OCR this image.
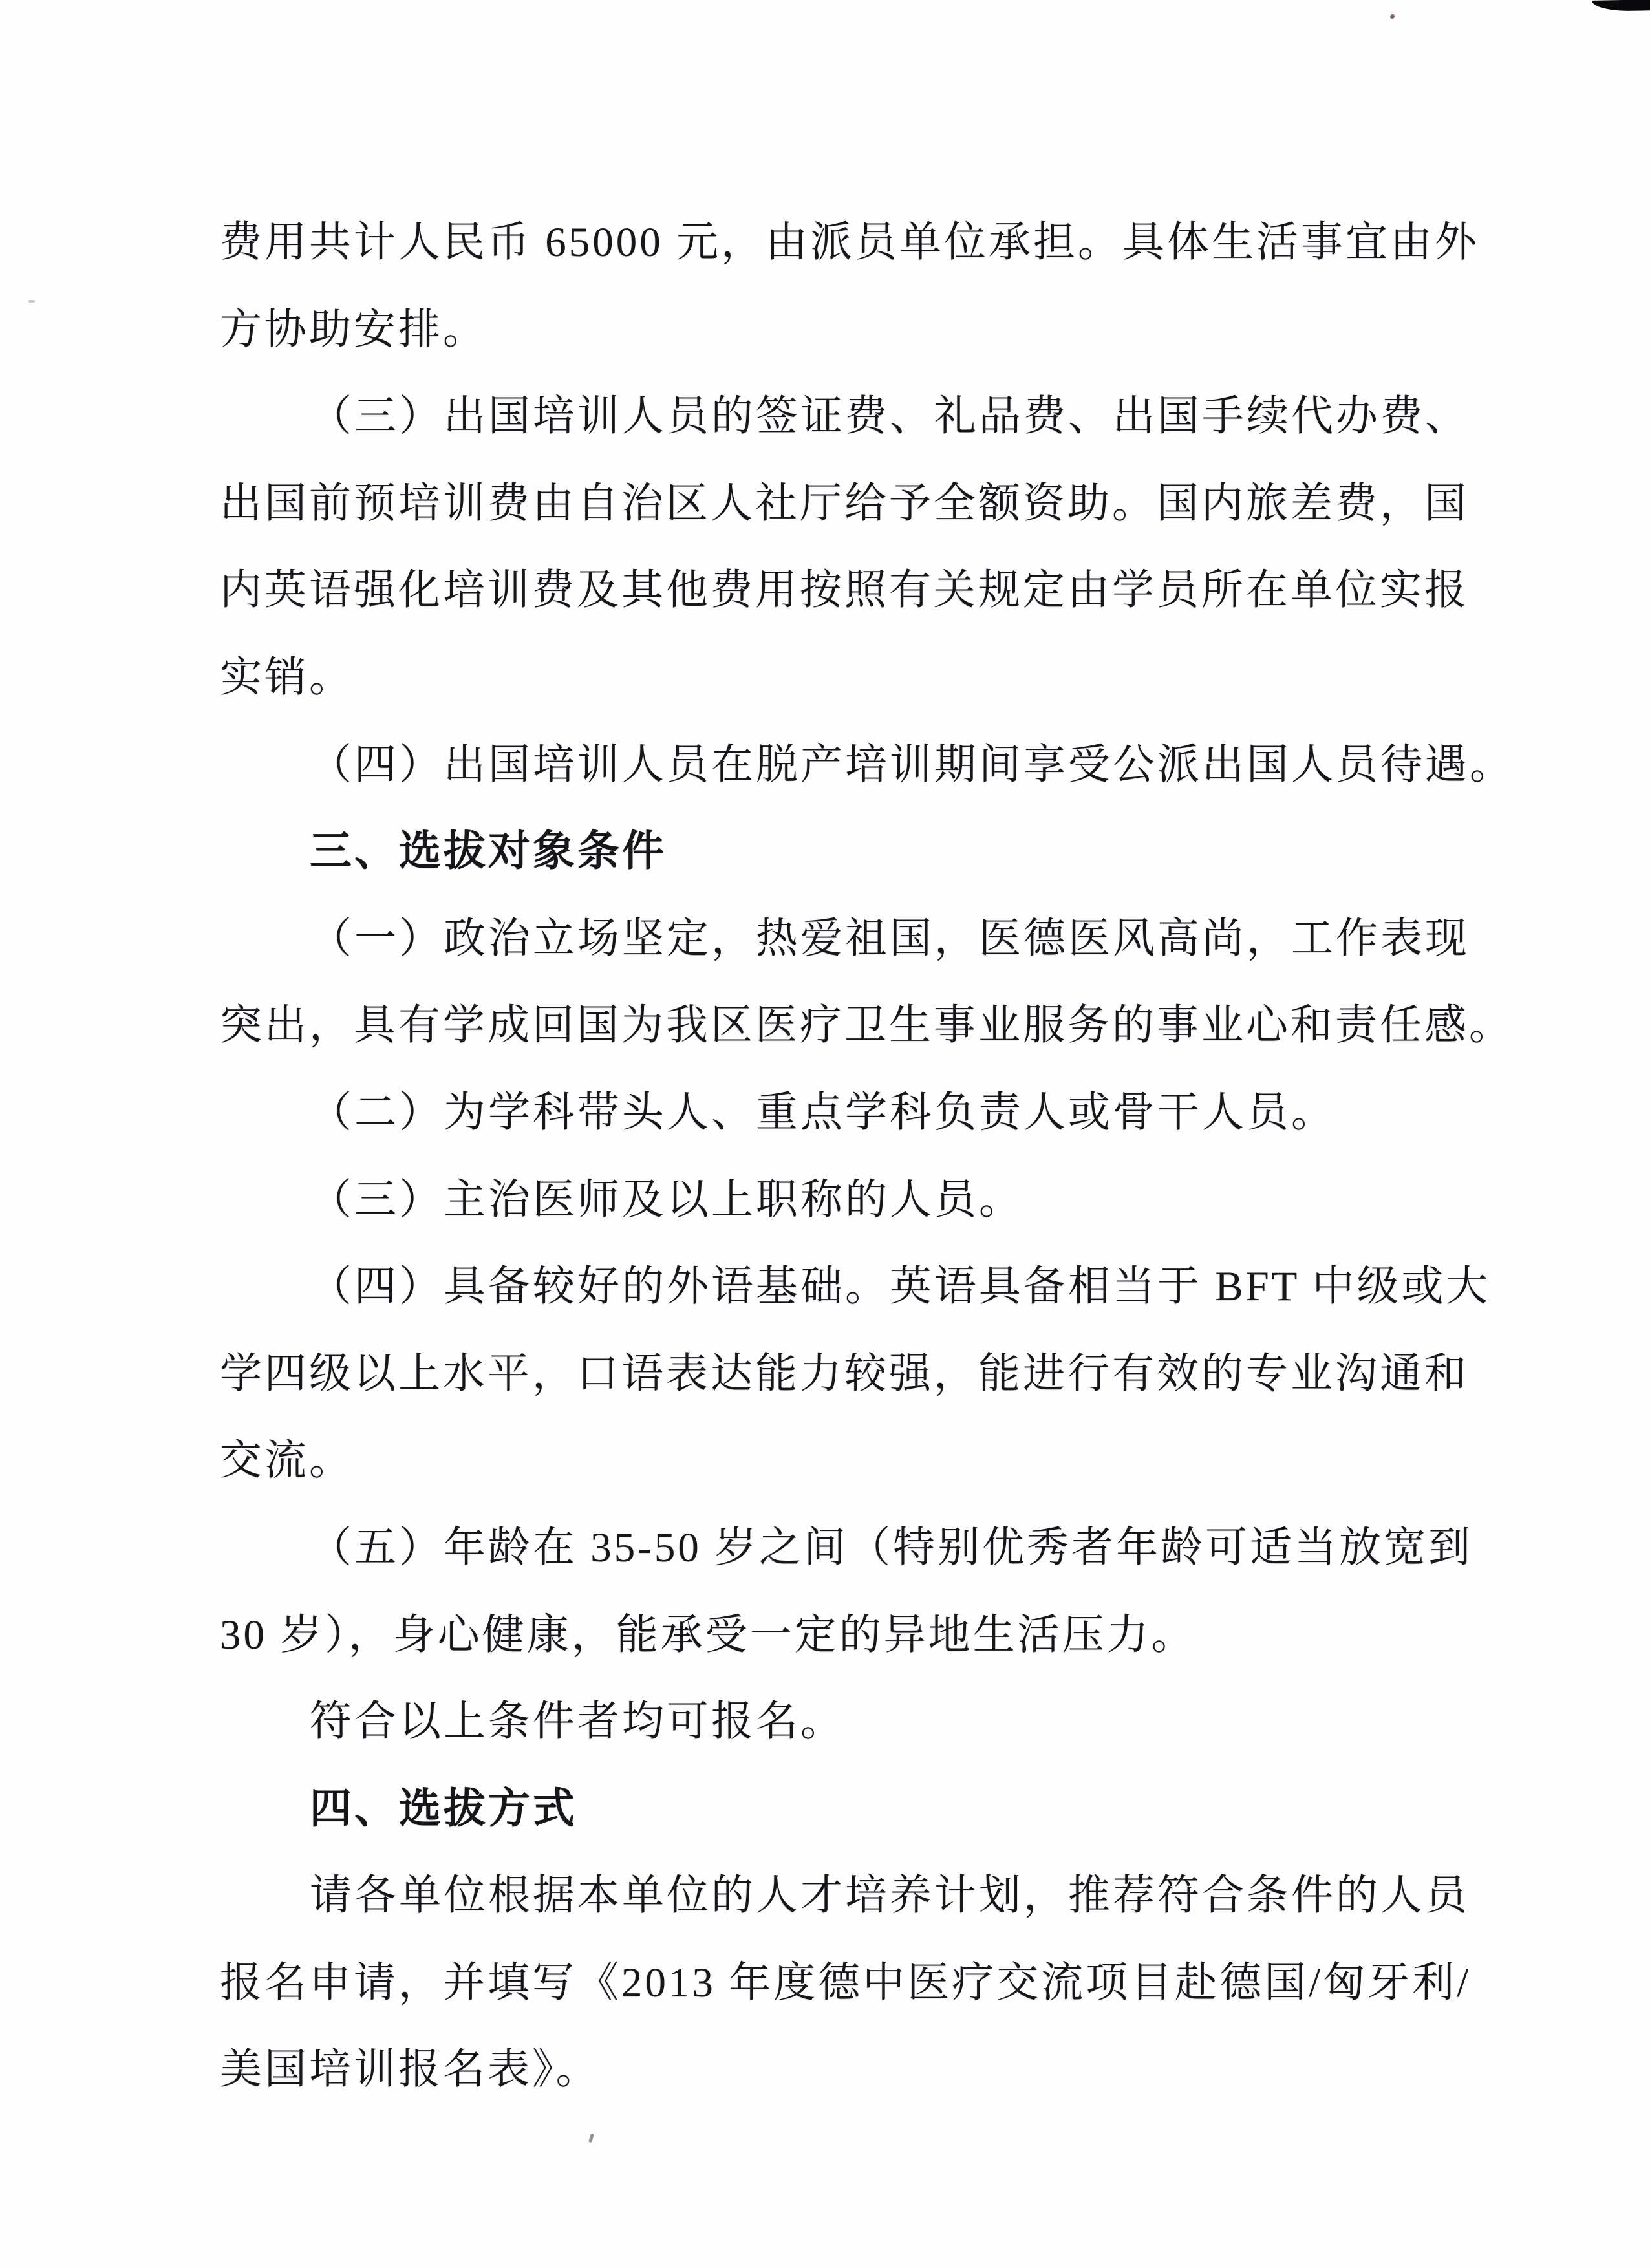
费用共计人民币 65000 元，由派员单位承担。具体生活事宜由外
方协助安排。
（三）出国培训人员的签证费、礼品费、出国手续代办费、
出国前预培训费由自治区人社厅给予全额资助。国内旅差费，国
内英语强化培训费及其他费用按照有关规定由学员所在单位实报
实销。
（四）出国培训人员在脱产培训期间享受公派出国人员待遇。
三、选拔对象条件
（一）政治立场坚定，热爱祖国，医德医风高尚，工作表现
突出，具有学成回国为我区医疗卫生事业服务的事业心和责任感。
（二）为学科带头人、重点学科负责人或骨干人员。
（三）主治医师及以上职称的人员。
（四）具备较好的外语基础。英语具备相当于 BFT 中级或大
学四级以上水平，口语表达能力较强，能进行有效的专业沟通和
交流。
（五）年龄在 35-50 岁之间（特别优秀者年龄可适当放宽到
30 岁），身心健康，能承受一定的异地生活压力。
符合以上条件者均可报名。
四、选拔方式
请各单位根据本单位的人才培养计划，推荐符合条件的人员
报名申请，并填写《2013 年度德中医疗交流项目赴德国/匈牙利/
美国培训报名表》。
